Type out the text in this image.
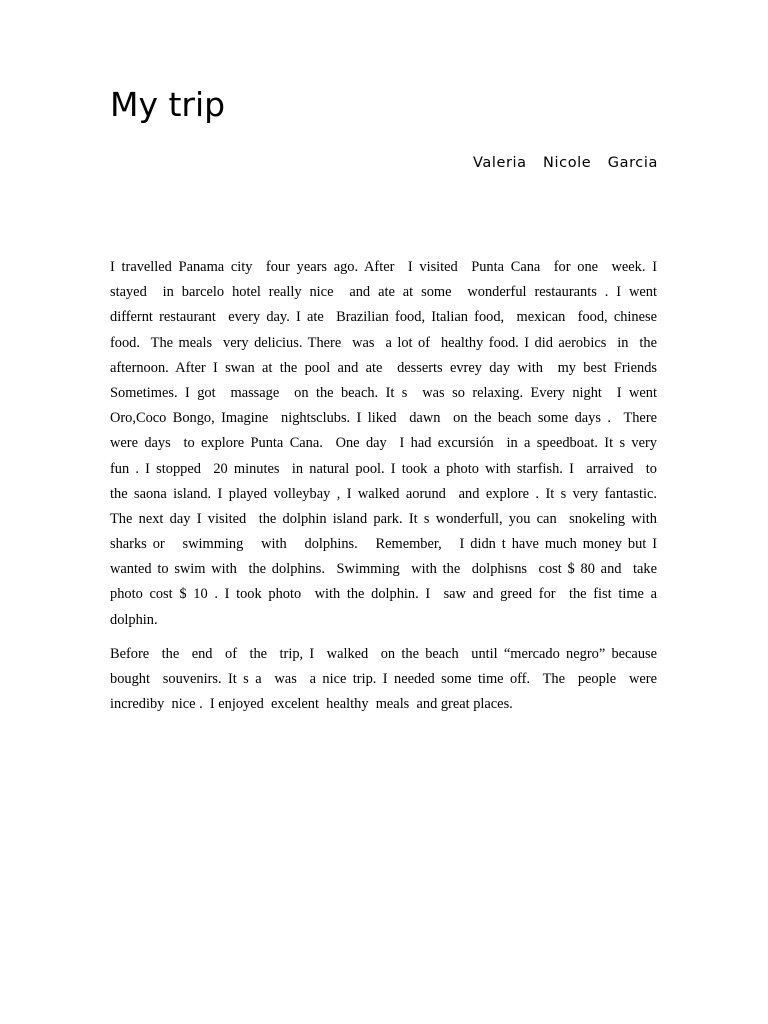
My trip
Valeria  Nicole  Garcia
I travelled Panama city  four years ago. After  I visited  Punta Cana  for one  week. I
stayed  in barcelo hotel really nice  and ate at some  wonderful restaurants . I went
differnt restaurant  every day. I ate  Brazilian food, Italian food,  mexican  food, chinese
food.  The meals  very delicius. There  was  a lot of  healthy food. I did aerobics  in  the
afternoon. After I swan at the pool and ate  desserts evrey day with  my best Friends
Sometimes. I got  massage  on the beach. It s  was so relaxing. Every night  I went
Oro,Coco Bongo, Imagine  nightsclubs. I liked  dawn  on the beach some days .  There
were days  to explore Punta Cana.  One day  I had excursión  in a speedboat. It s very
fun . I stopped  20 minutes  in natural pool. I took a photo with starfish. I  arraived  to
the saona island. I played volleybay , I walked aorund  and explore . It s very fantastic.
The next day I visited  the dolphin island park. It s wonderfull, you can  snokeling with
sharks or   swimming   with   dolphins.   Remember,   I didn t have much money but I
wanted to swim with  the dolphins.  Swimming  with the  dolphisns  cost $ 80 and  take
photo cost $ 10 . I took photo  with the dolphin. I  saw and greed for  the fist time a
dolphin.
Before  the  end  of  the  trip, I  walked  on the beach  until “mercado negro” because
bought  souvenirs. It s a  was  a nice trip. I needed some time off.  The  people  were
incrediby  nice .  I enjoyed  excelent  healthy  meals  and great places.
